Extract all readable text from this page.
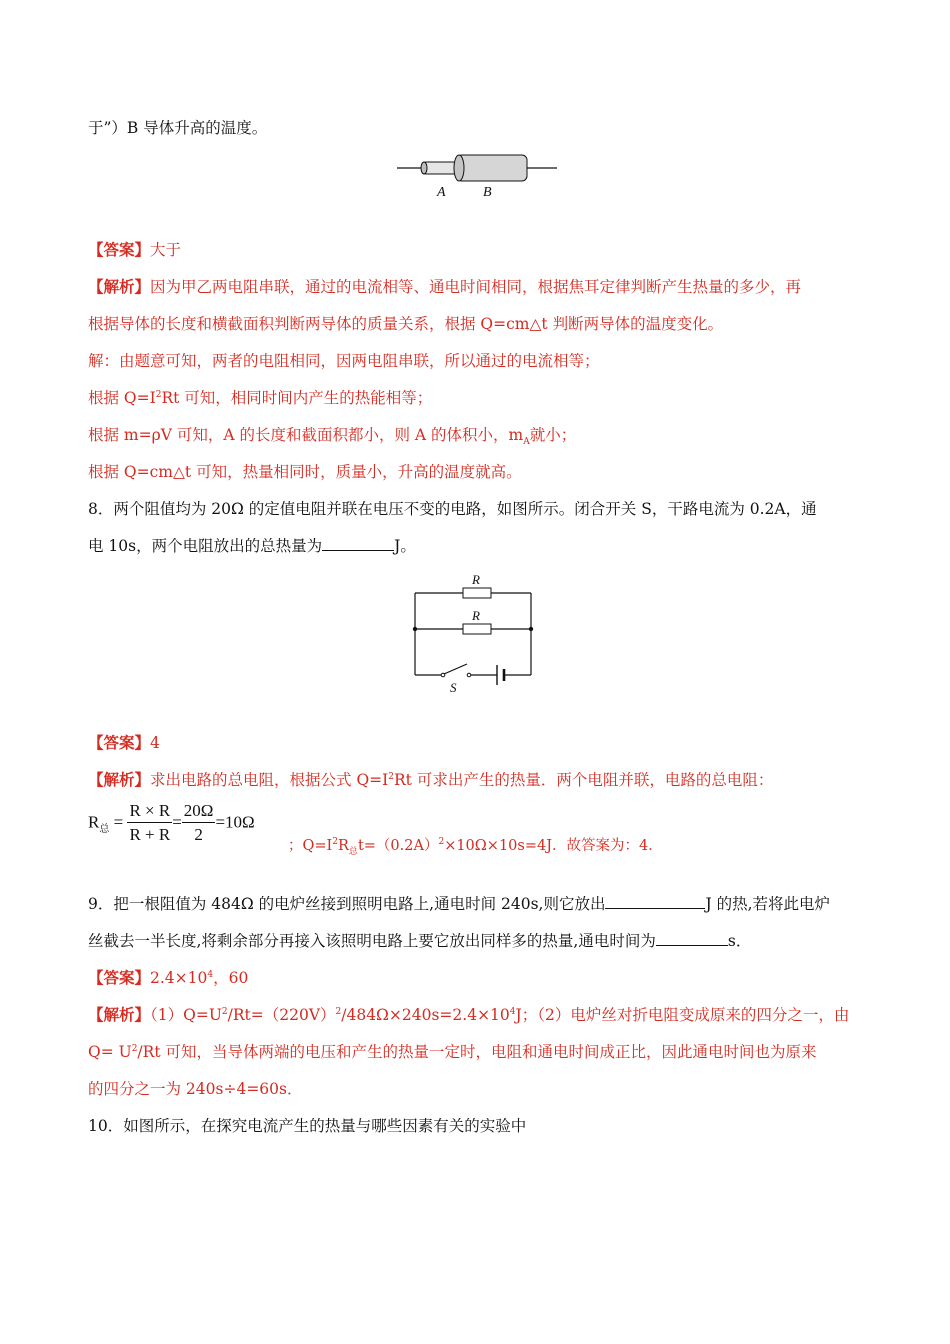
于”）B 导体升高的温度。
A	B
【答案】大于
【解析】因为甲乙两电阻串联，通过的电流相等、通电时间相同，根据焦耳定律判断产生热量的多少，再
根据导体的长度和横截面积判断两导体的质量关系，根据 Q=cm△t 判断两导体的温度变化。
解：由题意可知，两者的电阻相同，因两电阻串联，所以通过的电流相等；
根据 $Q=I^2Rt$ 可知，相同时间内产生的热能相等；
根据 m=ρV 可知，A 的长度和截面积都小，则 A 的体积小，$m_A$就小；
根据 Q=cm△t 可知，热量相同时，质量小，升高的温度就高。
8．两个阻值均为 20Ω 的定值电阻并联在电压不变的电路，如图所示。闭合开关 S，干路电流为 0.2A，通
电 10s，两个电阻放出的总热量为	J。
R
R
S
【答案】4
【解析】求出电路的总电阻，根据公式 $Q=I^2Rt$ 可求出产生的热量．两个电阻并联，电路的总电阻：
$R_总 = \frac{R \times R}{R + R} = \frac{20\Omega}{2} =10\Omega$
；$Q=I^2R_总t=(0.2A)^2\times 10\Omega\times 10s=4J$．故答案为：4．
9．把一根阻值为 484Ω 的电炉丝接到照明电路上,通电时间 240s,则它放出	J 的热,若将此电炉
丝截去一半长度,将剩余部分再接入该照明电路上要它放出同样多的热量,通电时间为	s．
【答案】$2.4\times 10^4$，60
【解析】$(1)Q=U^2/Rt=(220V)^2/484\Omega\times 240s=2.4\times 10^4J$；（2）电炉丝对折电阻变成原来的四分之一，由
$Q= U^2/Rt$ 可知，当导体两端的电压和产生的热量一定时，电阻和通电时间成正比，因此通电时间也为原来
的四分之一为 240s÷4=60s．
10．如图所示，在探究电流产生的热量与哪些因素有关的实验中
